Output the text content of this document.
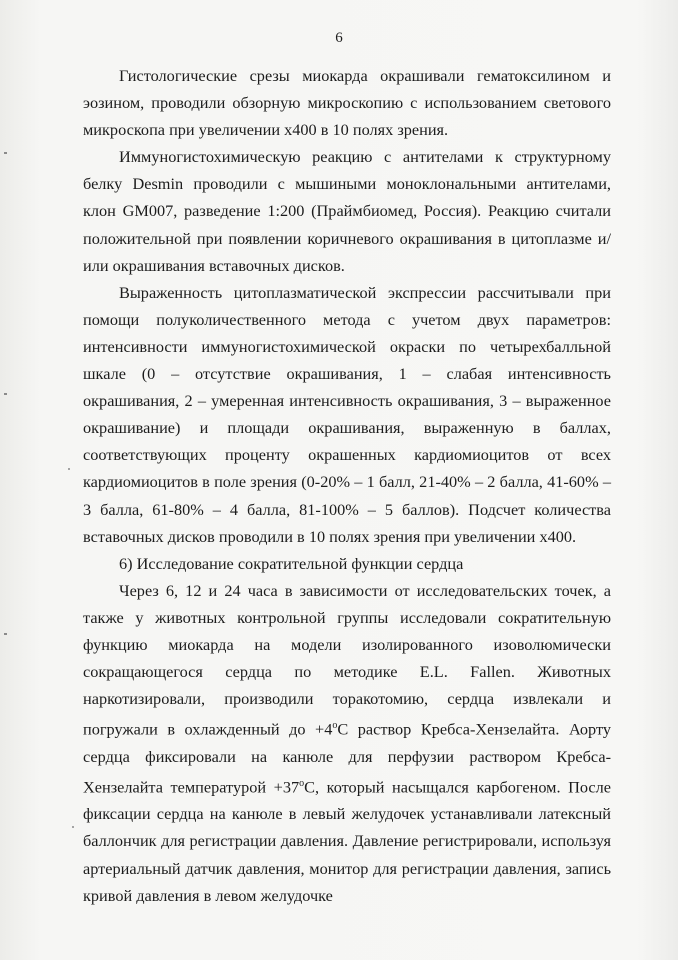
6

Гистологические срезы миокарда окрашивали гематоксилином и эозином, проводили обзорную микроскопию с использованием светового микроскопа при увеличении х400 в 10 полях зрения.

Иммуногистохимическую реакцию с антителами к структурному белку Desmin проводили с мышиными моноклональными антителами, клон GM007, разведение 1:200 (Праймбиомед, Россия). Реакцию считали положительной при появлении коричневого окрашивания в цитоплазме и/или окрашивания вставочных дисков.

Выраженность цитоплазматической экспрессии рассчитывали при помощи полуколичественного метода с учетом двух параметров: интенсивности иммуногистохимической окраски по четырехбалльной шкале (0 – отсутствие окрашивания, 1 – слабая интенсивность окрашивания, 2 – умеренная интенсивность окрашивания, 3 – выраженное окрашивание) и площади окрашивания, выраженную в баллах, соответствующих проценту окрашенных кардиомиоцитов от всех кардиомиоцитов в поле зрения (0-20% – 1 балл, 21-40% – 2 балла, 41-60% – 3 балла, 61-80% – 4 балла, 81-100% – 5 баллов). Подсчет количества вставочных дисков проводили в 10 полях зрения при увеличении х400.

6) Исследование сократительной функции сердца

Через 6, 12 и 24 часа в зависимости от исследовательских точек, а также у животных контрольной группы исследовали сократительную функцию миокарда на модели изолированного изоволюмически сокращающегося сердца по методике E.L. Fallen. Животных наркотизировали, производили торакотомию, сердца извлекали и погружали в охлажденный до $+4^oС$ раствор Кребса-Хензелайта. Аорту сердца фиксировали на канюле для перфузии раствором Кребса-Хензелайта температурой $+37^oС$, который насыщался карбогеном. После фиксации сердца на канюле в левый желудочек устанавливали латексный баллончик для регистрации давления. Давление регистрировали, используя артериальный датчик давления, монитор для регистрации давления, запись кривой давления в левом желудочке
